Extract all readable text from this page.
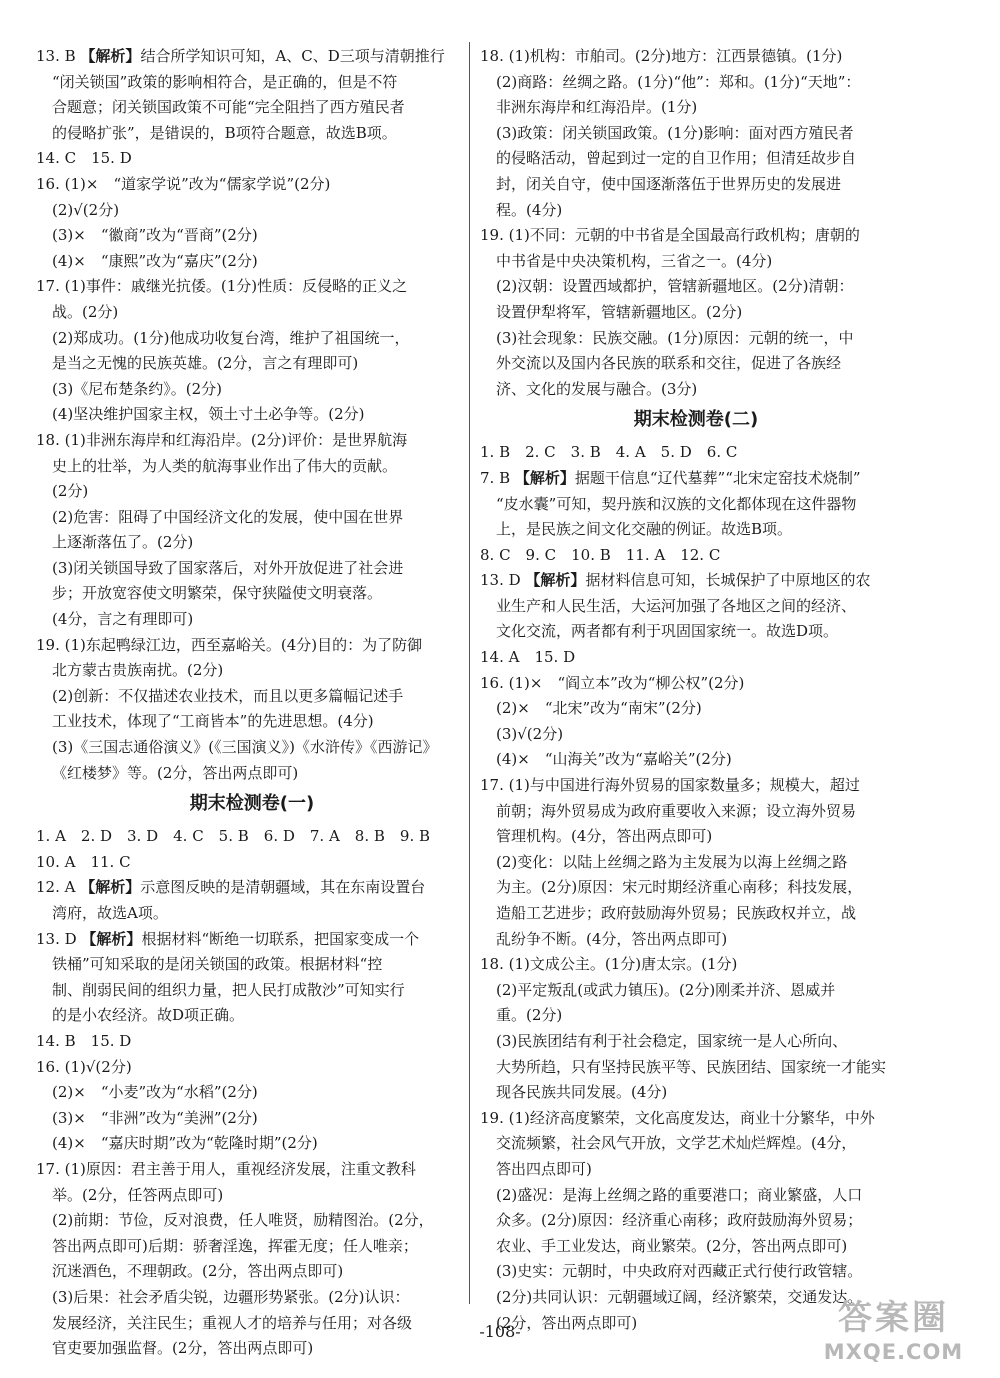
13. B 【解析】结合所学知识可知，A、C、D三项与清朝推行
“闭关锁国”政策的影响相符合，是正确的，但是不符
合题意；闭关锁国政策不可能“完全阻挡了西方殖民者
的侵略扩张”，是错误的，B项符合题意，故选B项。
14. C　15. D
16. (1)×　“道家学说”改为“儒家学说”(2分)
(2)√(2分)
(3)×　“徽商”改为“晋商”(2分)
(4)×　“康熙”改为“嘉庆”(2分)
17. (1)事件：戚继光抗倭。(1分)性质：反侵略的正义之
战。(2分)
(2)郑成功。(1分)他成功收复台湾，维护了祖国统一，
是当之无愧的民族英雄。(2分，言之有理即可)
(3)《尼布楚条约》。(2分)
(4)坚决维护国家主权，领土寸土必争等。(2分)
18. (1)非洲东海岸和红海沿岸。(2分)评价：是世界航海
史上的壮举，为人类的航海事业作出了伟大的贡献。
(2分)
(2)危害：阻碍了中国经济文化的发展，使中国在世界
上逐渐落伍了。(2分)
(3)闭关锁国导致了国家落后，对外开放促进了社会进
步；开放宽容使文明繁荣，保守狭隘使文明衰落。
(4分，言之有理即可)
19. (1)东起鸭绿江边，西至嘉峪关。(4分)目的：为了防御
北方蒙古贵族南扰。(2分)
(2)创新：不仅描述农业技术，而且以更多篇幅记述手
工业技术，体现了“工商皆本”的先进思想。(4分)
(3)《三国志通俗演义》(《三国演义》)《水浒传》《西游记》
《红楼梦》等。(2分，答出两点即可)
期末检测卷(一)
1. A　2. D　3. D　4. C　5. B　6. D　7. A　8. B　9. B
10. A　11. C
12. A 【解析】示意图反映的是清朝疆域，其在东南设置台
湾府，故选A项。
13. D 【解析】根据材料“断绝一切联系，把国家变成一个
铁桶”可知采取的是闭关锁国的政策。根据材料“控
制、削弱民间的组织力量，把人民打成散沙”可知实行
的是小农经济。故D项正确。
14. B　15. D
16. (1)√(2分)
(2)×　“小麦”改为“水稻”(2分)
(3)×　“非洲”改为“美洲”(2分)
(4)×　“嘉庆时期”改为“乾隆时期”(2分)
17. (1)原因：君主善于用人，重视经济发展，注重文教科
举。(2分，任答两点即可)
(2)前期：节俭，反对浪费，任人唯贤，励精图治。(2分，
答出两点即可)后期：骄奢淫逸，挥霍无度；任人唯亲；
沉迷酒色，不理朝政。(2分，答出两点即可)
(3)后果：社会矛盾尖锐，边疆形势紧张。(2分)认识：
发展经济，关注民生；重视人才的培养与任用；对各级
官吏要加强监督。(2分，答出两点即可)
18. (1)机构：市舶司。(2分)地方：江西景德镇。(1分)
(2)商路：丝绸之路。(1分)“他”：郑和。(1分)“天地”：
非洲东海岸和红海沿岸。(1分)
(3)政策：闭关锁国政策。(1分)影响：面对西方殖民者
的侵略活动，曾起到过一定的自卫作用；但清廷故步自
封，闭关自守，使中国逐渐落伍于世界历史的发展进
程。(4分)
19. (1)不同：元朝的中书省是全国最高行政机构；唐朝的
中书省是中央决策机构，三省之一。(4分)
(2)汉朝：设置西域都护，管辖新疆地区。(2分)清朝：
设置伊犁将军，管辖新疆地区。(2分)
(3)社会现象：民族交融。(1分)原因：元朝的统一，中
外交流以及国内各民族的联系和交往，促进了各族经
济、文化的发展与融合。(3分)
期末检测卷(二)
1. B　2. C　3. B　4. A　5. D　6. C
7. B 【解析】据题干信息“辽代墓葬”“北宋定窑技术烧制”
“皮水囊”可知，契丹族和汉族的文化都体现在这件器物
上，是民族之间文化交融的例证。故选B项。
8. C　9. C　10. B　11. A　12. C
13. D 【解析】据材料信息可知，长城保护了中原地区的农
业生产和人民生活，大运河加强了各地区之间的经济、
文化交流，两者都有利于巩固国家统一。故选D项。
14. A　15. D
16. (1)×　“阎立本”改为“柳公权”(2分)
(2)×　“北宋”改为“南宋”(2分)
(3)√(2分)
(4)×　“山海关”改为“嘉峪关”(2分)
17. (1)与中国进行海外贸易的国家数量多；规模大，超过
前朝；海外贸易成为政府重要收入来源；设立海外贸易
管理机构。(4分，答出两点即可)
(2)变化：以陆上丝绸之路为主发展为以海上丝绸之路
为主。(2分)原因：宋元时期经济重心南移；科技发展，
造船工艺进步；政府鼓励海外贸易；民族政权并立，战
乱纷争不断。(4分，答出两点即可)
18. (1)文成公主。(1分)唐太宗。(1分)
(2)平定叛乱(或武力镇压)。(2分)刚柔并济、恩威并
重。(2分)
(3)民族团结有利于社会稳定，国家统一是人心所向、
大势所趋，只有坚持民族平等、民族团结、国家统一才能实
现各民族共同发展。(4分)
19. (1)经济高度繁荣，文化高度发达，商业十分繁华，中外
交流频繁，社会风气开放，文学艺术灿烂辉煌。(4分，
答出四点即可)
(2)盛况：是海上丝绸之路的重要港口；商业繁盛，人口
众多。(2分)原因：经济重心南移；政府鼓励海外贸易；
农业、手工业发达，商业繁荣。(2分，答出两点即可)
(3)史实：元朝时，中央政府对西藏正式行使行政管辖。
(2分)共同认识：元朝疆域辽阔，经济繁荣，交通发达。
(2分，答出两点即可)
-108-	答案圈
MXQE.COM
